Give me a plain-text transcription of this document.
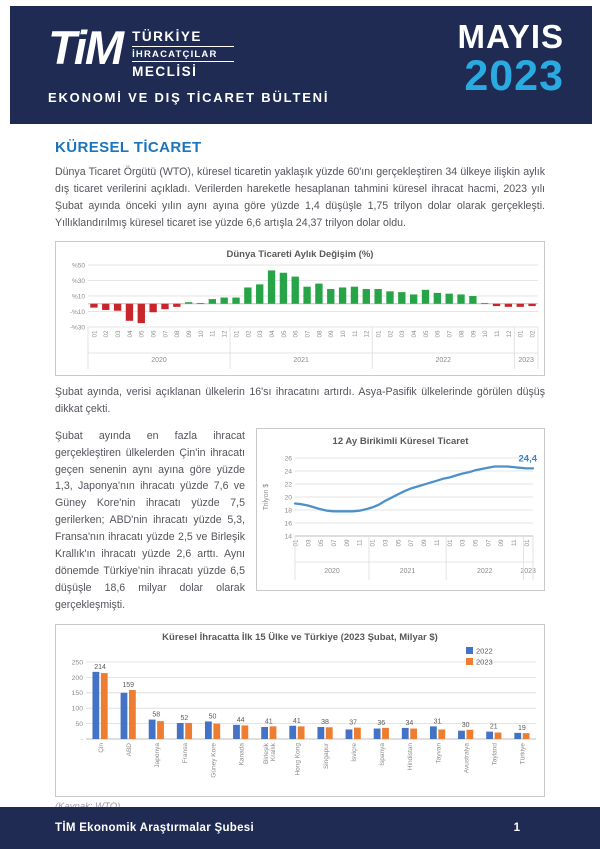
TiM TÜRKİYE
İHRACATÇILAR
MECLİSİ
EKONOMİ VE DIŞ TİCARET BÜLTENİ
MAYIS
2023
KÜRESEL TİCARET

Dünya Ticaret Örgütü (WTO), küresel ticaretin yaklaşık yüzde 60'ını gerçekleştiren 34 ülkeye ilişkin aylık dış ticaret verilerini açıkladı. Verilerden hareketle hesaplanan tahmini küresel ihracat hacmi, 2023 yılı Şubat ayında önceki yılın aynı ayına göre yüzde 1,4 düşüşle 1,75 trilyon dolar olarak gerçekleşti. Yıllıklandırılmış küresel ticaret ise yüzde 6,6 artışla 24,37 trilyon dolar oldu.

Dünya Ticareti Aylık Değişim (%)
%50
%30
%10
-%10
-%30
01 02 03 04 05 06 07 08 09 10 11 12 01 02 03 04 05 06 07 08 09 10 11 12 01 02 03 04 05 06 07 08 09 10 11 12 01 02
2020	2021	2022	2023

Şubat ayında, verisi açıklanan ülkelerin 16'sı ihracatını artırdı. Asya-Pasifik ülkelerinde görülen düşüş dikkat çekti.

12 Ay Birikimli Küresel Ticaret
26
24
22
20
18
16
14
Trilyon $
24,4
01 03 05 07 09 11 01 03 05 07 09 11 01 03 05 07 09 11 01
2020	2021	2022	2023

Şubat ayında en fazla ihracat gerçekleştiren ülkelerden Çin'in ihracatı geçen senenin aynı ayına göre yüzde 1,3, Japonya'nın ihracatı yüzde 7,6 ve Güney Kore'nin ihracatı yüzde 7,5 gerilerken; ABD'nin ihracatı yüzde 5,3, Fransa'nın ihracatı yüzde 2,5 ve Birleşik Krallık'ın ihracatı yüzde 2,6 arttı. Aynı dönemde Türkiye'nin ihracatı yüzde 6,5 düşüşle 18,6 milyar dolar olarak gerçekleşmişti.

Küresel İhracatta İlk 15 Ülke ve Türkiye (2023 Şubat, Milyar $)
250
200
150
100
50
-
214
Çin
159
ABD
58
Japonya
52
Fransa
50
Güney Kore
44
Kanada
41
Birleşik Krallık
41
Hong Kong
38
Singapur
37
İsviçre
36
İspanya
34
Hindistan
31
Tayvan
30
Avustralya
21
Tayland
19
Türkiye
2022
2023

TİM Ekonomik Araştırmalar Şubesi	1
